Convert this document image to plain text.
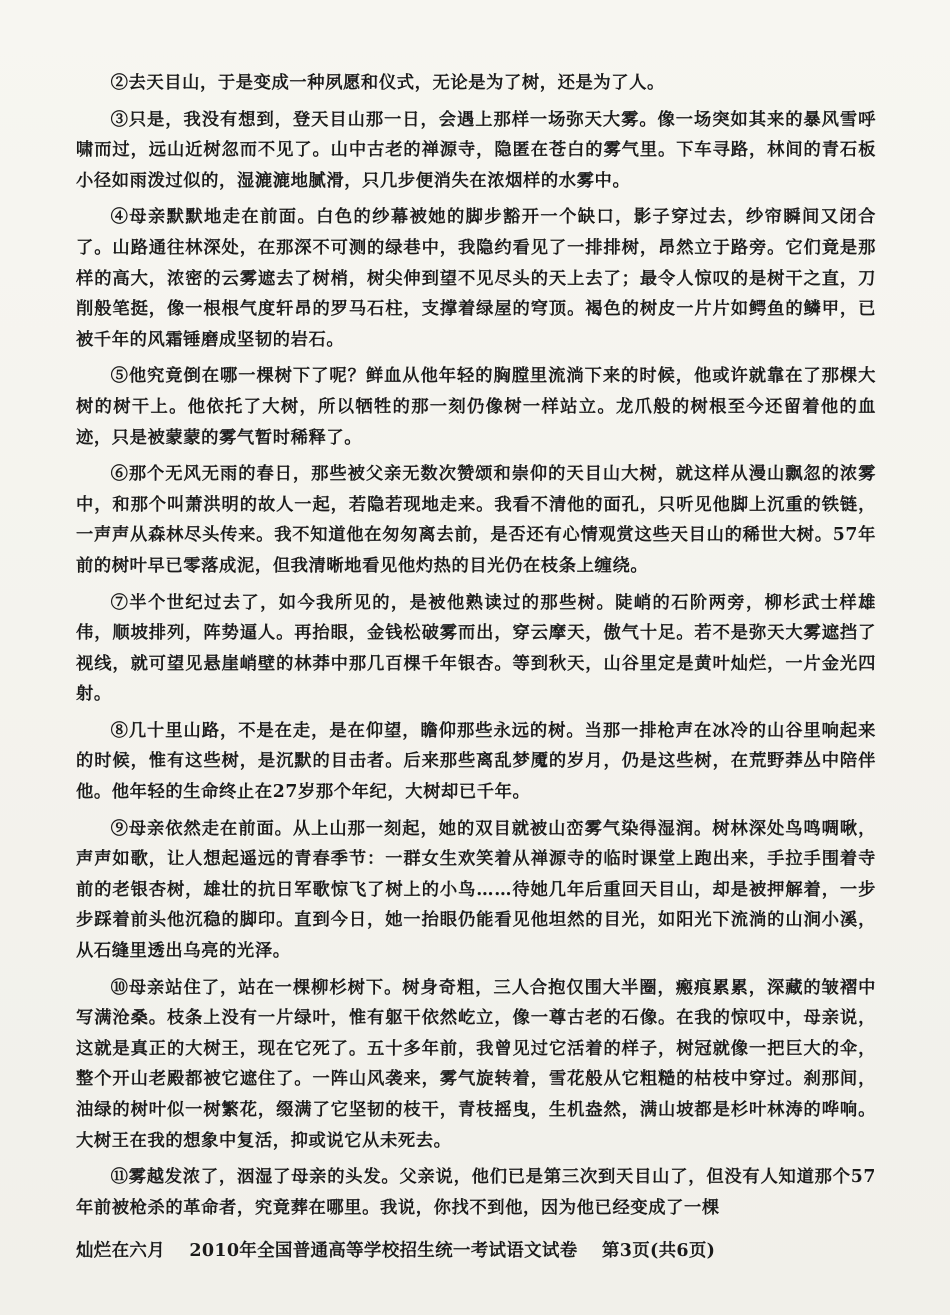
②去天目山，于是变成一种夙愿和仪式，无论是为了树，还是为了人。

③只是，我没有想到，登天目山那一日，会遇上那样一场弥天大雾。像一场突如其来的暴风雪呼啸而过，远山近树忽而不见了。山中古老的禅源寺，隐匿在苍白的雾气里。下车寻路，林间的青石板小径如雨泼过似的，湿漉漉地腻滑，只几步便消失在浓烟样的水雾中。

④母亲默默地走在前面。白色的纱幕被她的脚步豁开一个缺口，影子穿过去，纱帘瞬间又闭合了。山路通往林深处，在那深不可测的绿巷中，我隐约看见了一排排树，昂然立于路旁。它们竟是那样的高大，浓密的云雾遮去了树梢，树尖伸到望不见尽头的天上去了；最令人惊叹的是树干之直，刀削般笔挺，像一根根气度轩昂的罗马石柱，支撑着绿屋的穹顶。褐色的树皮一片片如鳄鱼的鳞甲，已被千年的风霜锤磨成坚韧的岩石。

⑤他究竟倒在哪一棵树下了呢？鲜血从他年轻的胸膛里流淌下来的时候，他或许就靠在了那棵大树的树干上。他依托了大树，所以牺牲的那一刻仍像树一样站立。龙爪般的树根至今还留着他的血迹，只是被蒙蒙的雾气暂时稀释了。

⑥那个无风无雨的春日，那些被父亲无数次赞颂和崇仰的天目山大树，就这样从漫山飘忽的浓雾中，和那个叫萧洪明的故人一起，若隐若现地走来。我看不清他的面孔，只听见他脚上沉重的铁链，一声声从森林尽头传来。我不知道他在匆匆离去前，是否还有心情观赏这些天目山的稀世大树。57年前的树叶早已零落成泥，但我清晰地看见他灼热的目光仍在枝条上缠绕。

⑦半个世纪过去了，如今我所见的，是被他熟读过的那些树。陡峭的石阶两旁，柳杉武士样雄伟，顺坡排列，阵势逼人。再抬眼，金钱松破雾而出，穿云摩天，傲气十足。若不是弥天大雾遮挡了视线，就可望见悬崖峭壁的林莽中那几百棵千年银杏。等到秋天，山谷里定是黄叶灿烂，一片金光四射。

⑧几十里山路，不是在走，是在仰望，瞻仰那些永远的树。当那一排枪声在冰冷的山谷里响起来的时候，惟有这些树，是沉默的目击者。后来那些离乱梦魇的岁月，仍是这些树，在荒野莽丛中陪伴他。他年轻的生命终止在27岁那个年纪，大树却已千年。

⑨母亲依然走在前面。从上山那一刻起，她的双目就被山峦雾气染得湿润。树林深处鸟鸣啁啾，声声如歌，让人想起遥远的青春季节：一群女生欢笑着从禅源寺的临时课堂上跑出来，手拉手围着寺前的老银杏树，雄壮的抗日军歌惊飞了树上的小鸟……待她几年后重回天目山，却是被押解着，一步步踩着前头他沉稳的脚印。直到今日，她一抬眼仍能看见他坦然的目光，如阳光下流淌的山涧小溪，从石缝里透出乌亮的光泽。

⑩母亲站住了，站在一棵柳杉树下。树身奇粗，三人合抱仅围大半圈，瘢痕累累，深藏的皱褶中写满沧桑。枝条上没有一片绿叶，惟有躯干依然屹立，像一尊古老的石像。在我的惊叹中，母亲说，这就是真正的大树王，现在它死了。五十多年前，我曾见过它活着的样子，树冠就像一把巨大的伞，整个开山老殿都被它遮住了。一阵山风袭来，雾气旋转着，雪花般从它粗糙的枯枝中穿过。刹那间，油绿的树叶似一树繁花，缀满了它坚韧的枝干，青枝摇曳，生机盎然，满山坡都是杉叶林涛的哗响。大树王在我的想象中复活，抑或说它从未死去。

⑪雾越发浓了，洇湿了母亲的头发。父亲说，他们已是第三次到天目山了，但没有人知道那个57年前被枪杀的革命者，究竟葬在哪里。我说，你找不到他，因为他已经变成了一棵

灿烂在六月 2010年全国普通高等学校招生统一考试语文试卷 第3页(共6页)
